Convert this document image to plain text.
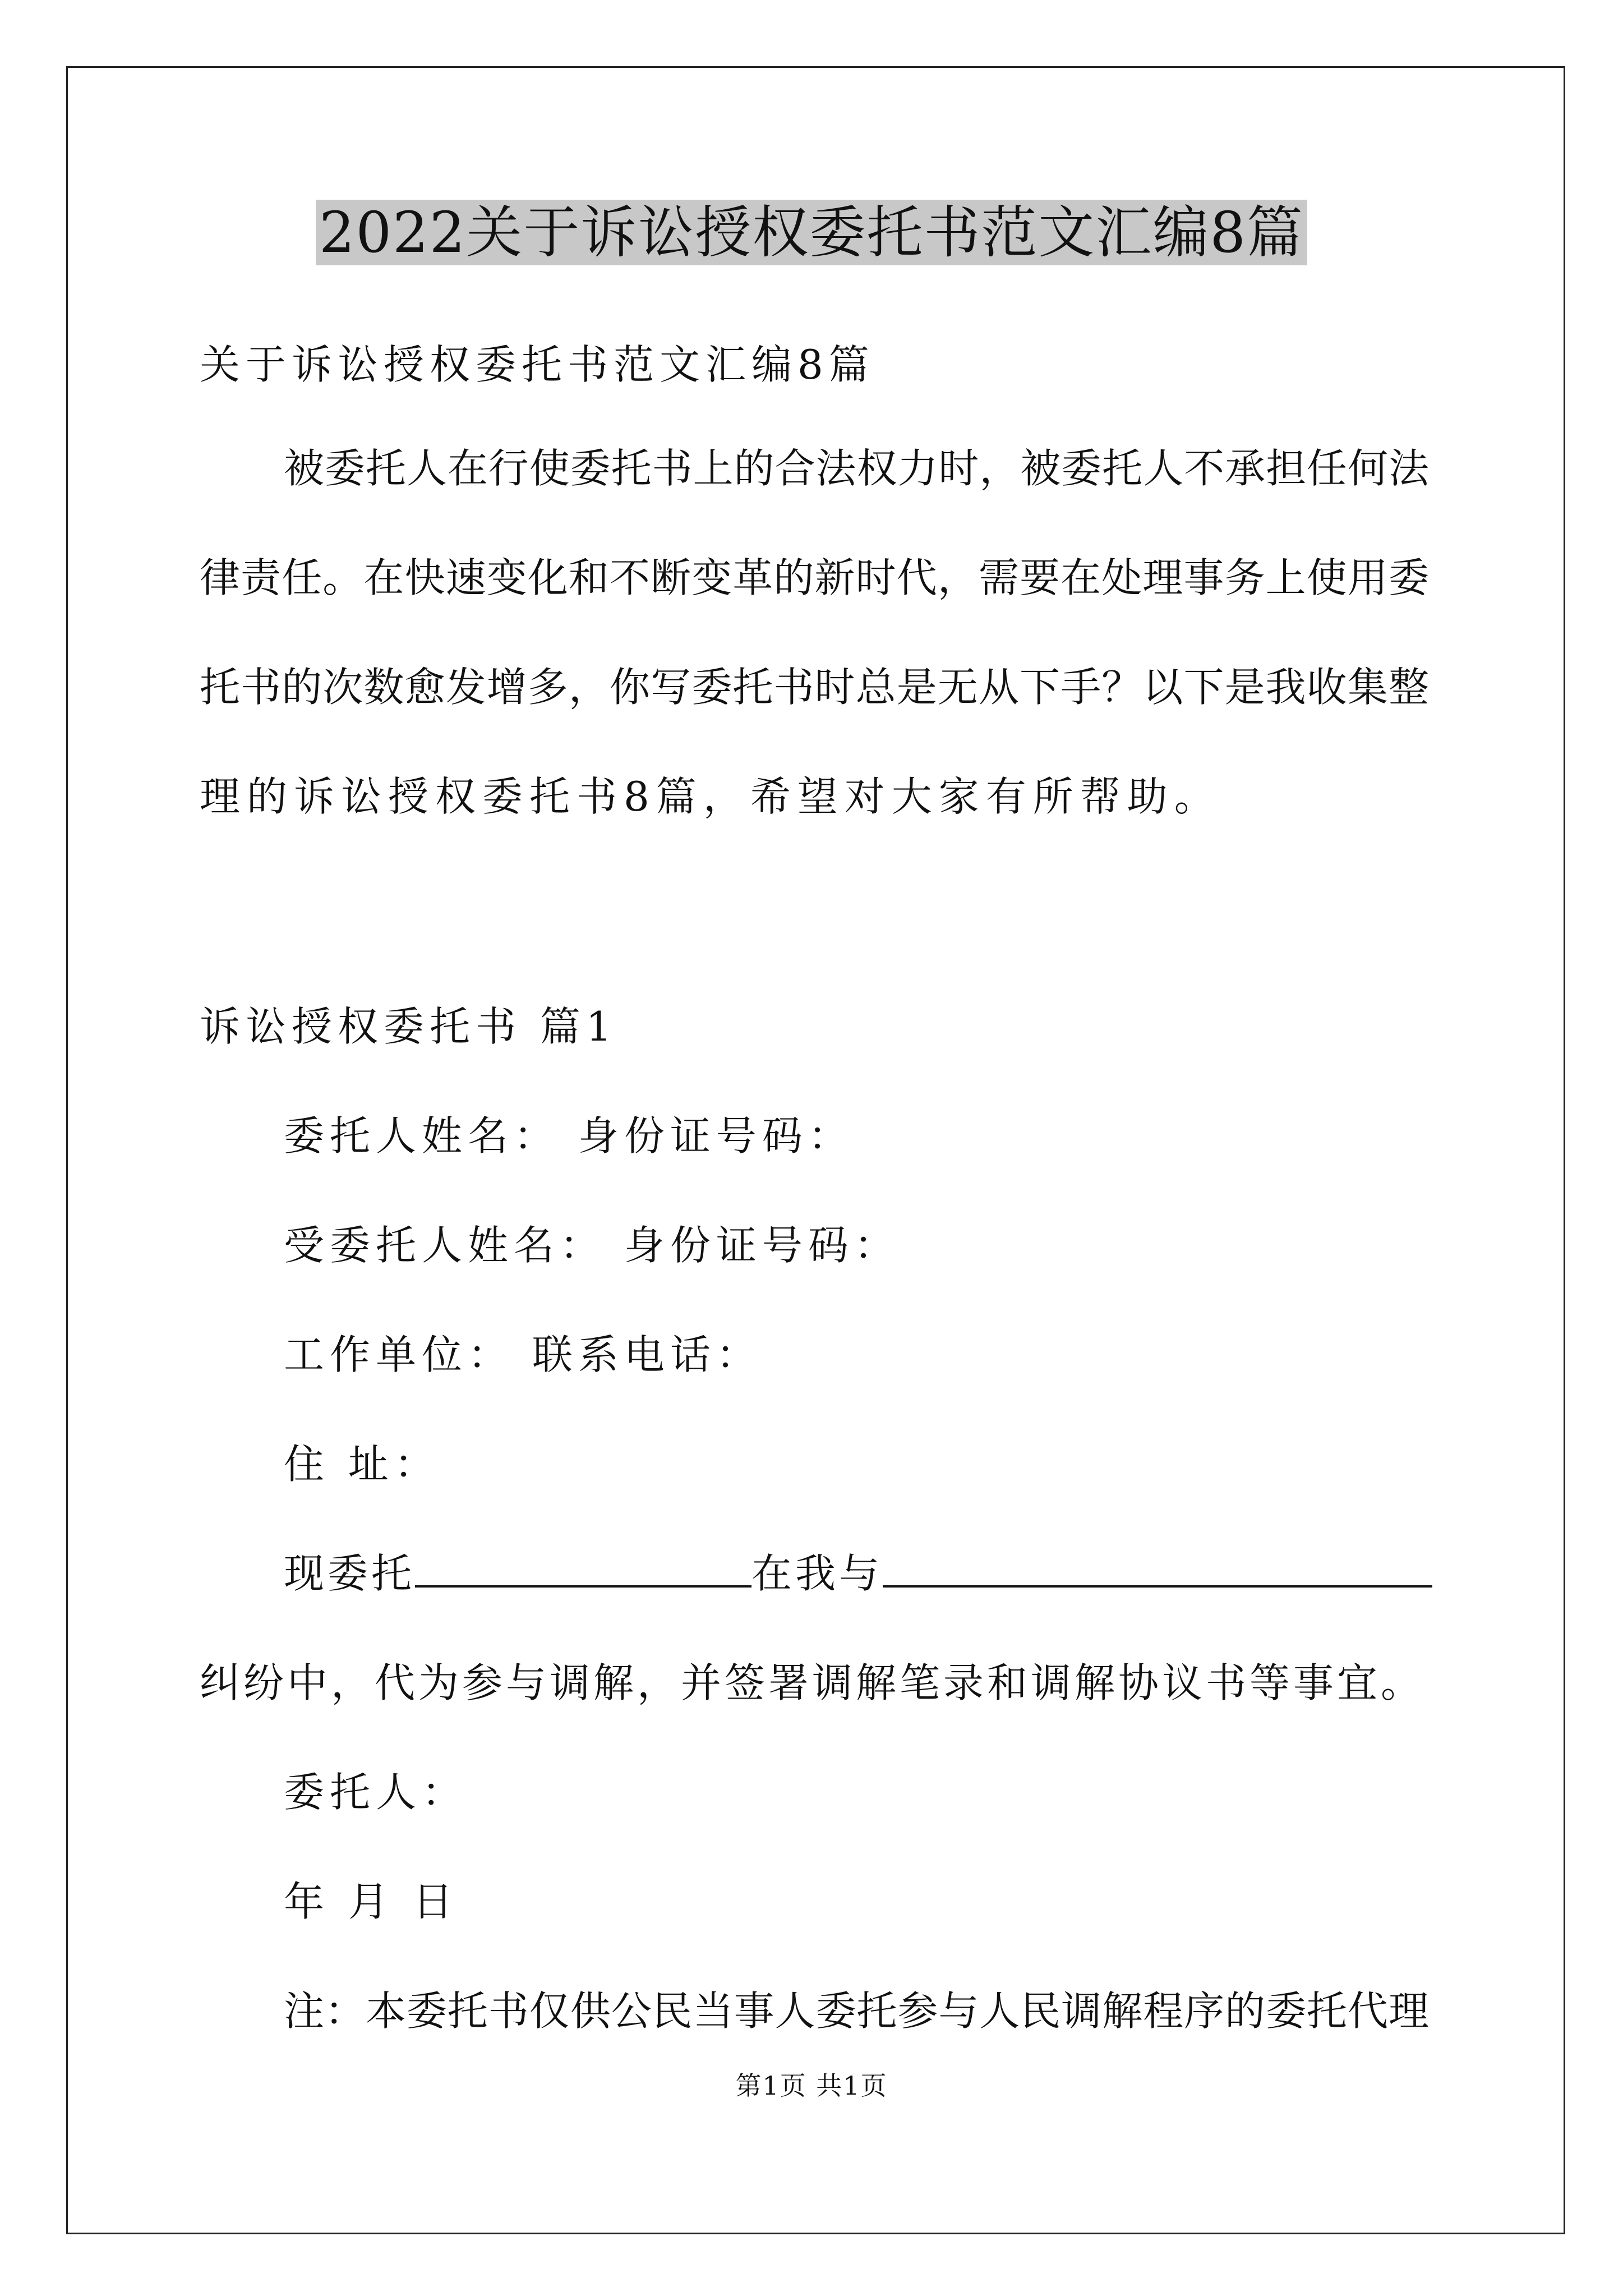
2022关于诉讼授权委托书范文汇编8篇
关于诉讼授权委托书范文汇编8篇
被委托人在行使委托书上的合法权力时，被委托人不承担任何法
律责任。在快速变化和不断变革的新时代，需要在处理事务上使用委
托书的次数愈发增多，你写委托书时总是无从下手？以下是我收集整
理的诉讼授权委托书8篇，希望对大家有所帮助。
诉讼授权委托书 篇1
委托人姓名： 身份证号码：
受委托人姓名： 身份证号码：
工作单位： 联系电话：
住 址：
现委托	在我与
纠纷中，代为参与调解，并签署调解笔录和调解协议书等事宜。
委托人：
年 月 日
注：本委托书仅供公民当事人委托参与人民调解程序的委托代理
第1页 共1页
